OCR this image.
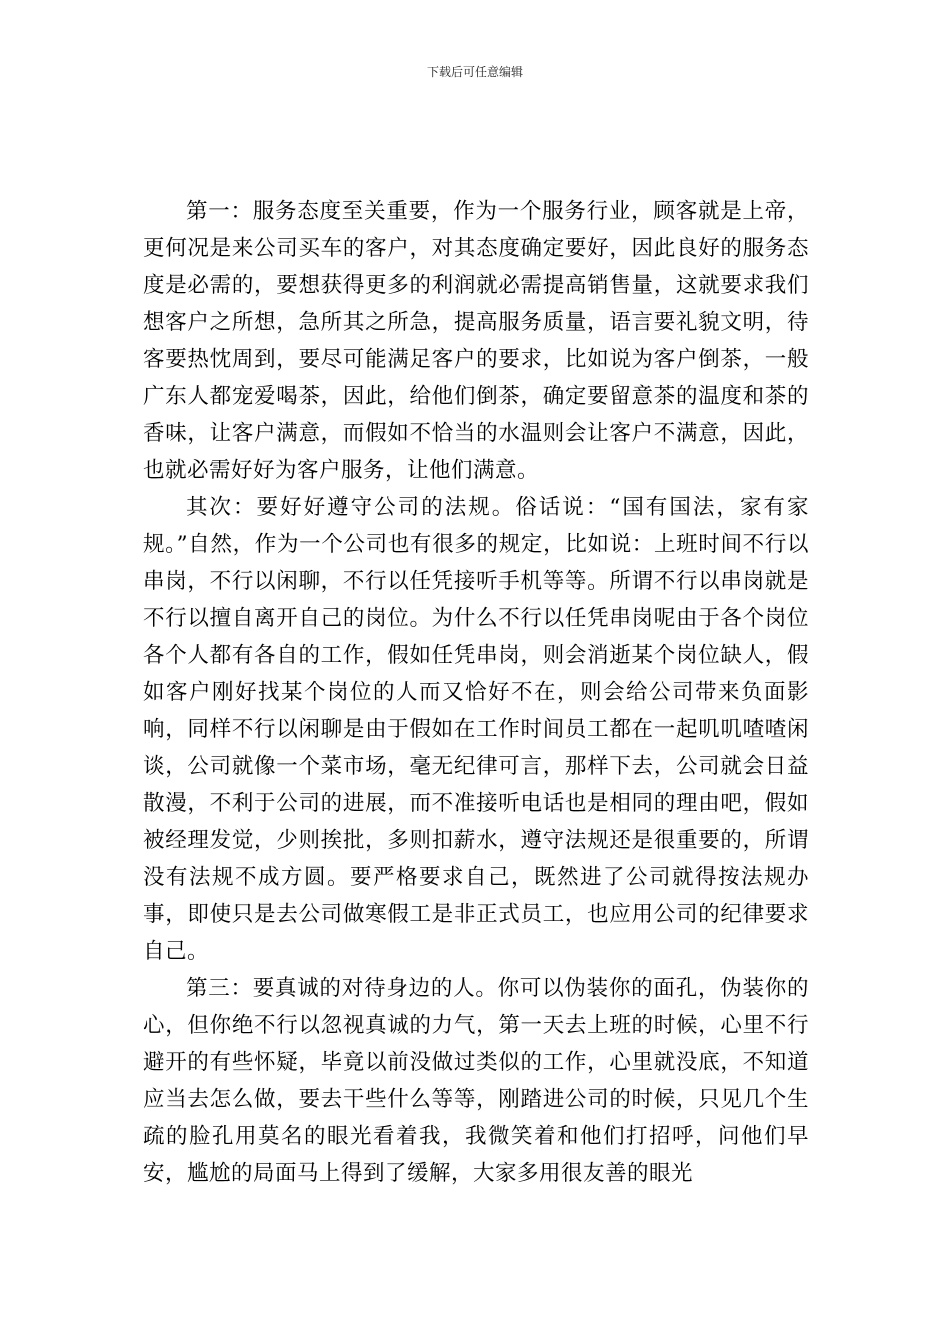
下载后可任意编辑

第一：服务态度至关重要，作为一个服务行业，顾客就是上帝，更何况是来公司买车的客户，对其态度确定要好，因此良好的服务态度是必需的，要想获得更多的利润就必需提高销售量，这就要求我们想客户之所想，急所其之所急，提高服务质量，语言要礼貌文明，待客要热忱周到，要尽可能满足客户的要求，比如说为客户倒茶，一般广东人都宠爱喝茶，因此，给他们倒茶，确定要留意茶的温度和茶的香味，让客户满意，而假如不恰当的水温则会让客户不满意，因此，也就必需好好为客户服务，让他们满意。

其次：要好好遵守公司的法规。俗话说：“国有国法，家有家规。”自然，作为一个公司也有很多的规定，比如说：上班时间不行以串岗，不行以闲聊，不行以任凭接听手机等等。所谓不行以串岗就是不行以擅自离开自己的岗位。为什么不行以任凭串岗呢由于各个岗位各个人都有各自的工作，假如任凭串岗，则会消逝某个岗位缺人，假如客户刚好找某个岗位的人而又恰好不在，则会给公司带来负面影响，同样不行以闲聊是由于假如在工作时间员工都在一起叽叽喳喳闲谈，公司就像一个菜市场，毫无纪律可言，那样下去，公司就会日益散漫，不利于公司的进展，而不准接听电话也是相同的理由吧，假如被经理发觉，少则挨批，多则扣薪水，遵守法规还是很重要的，所谓没有法规不成方圆。要严格要求自己，既然进了公司就得按法规办事，即使只是去公司做寒假工是非正式员工，也应用公司的纪律要求自己。

第三：要真诚的对待身边的人。你可以伪装你的面孔，伪装你的心，但你绝不行以忽视真诚的力气，第一天去上班的时候，心里不行避开的有些怀疑，毕竟以前没做过类似的工作，心里就没底，不知道应当去怎么做，要去干些什么等等，刚踏进公司的时候，只见几个生疏的脸孔用莫名的眼光看着我，我微笑着和他们打招呼，问他们早安，尴尬的局面马上得到了缓解，大家多用很友善的眼光
